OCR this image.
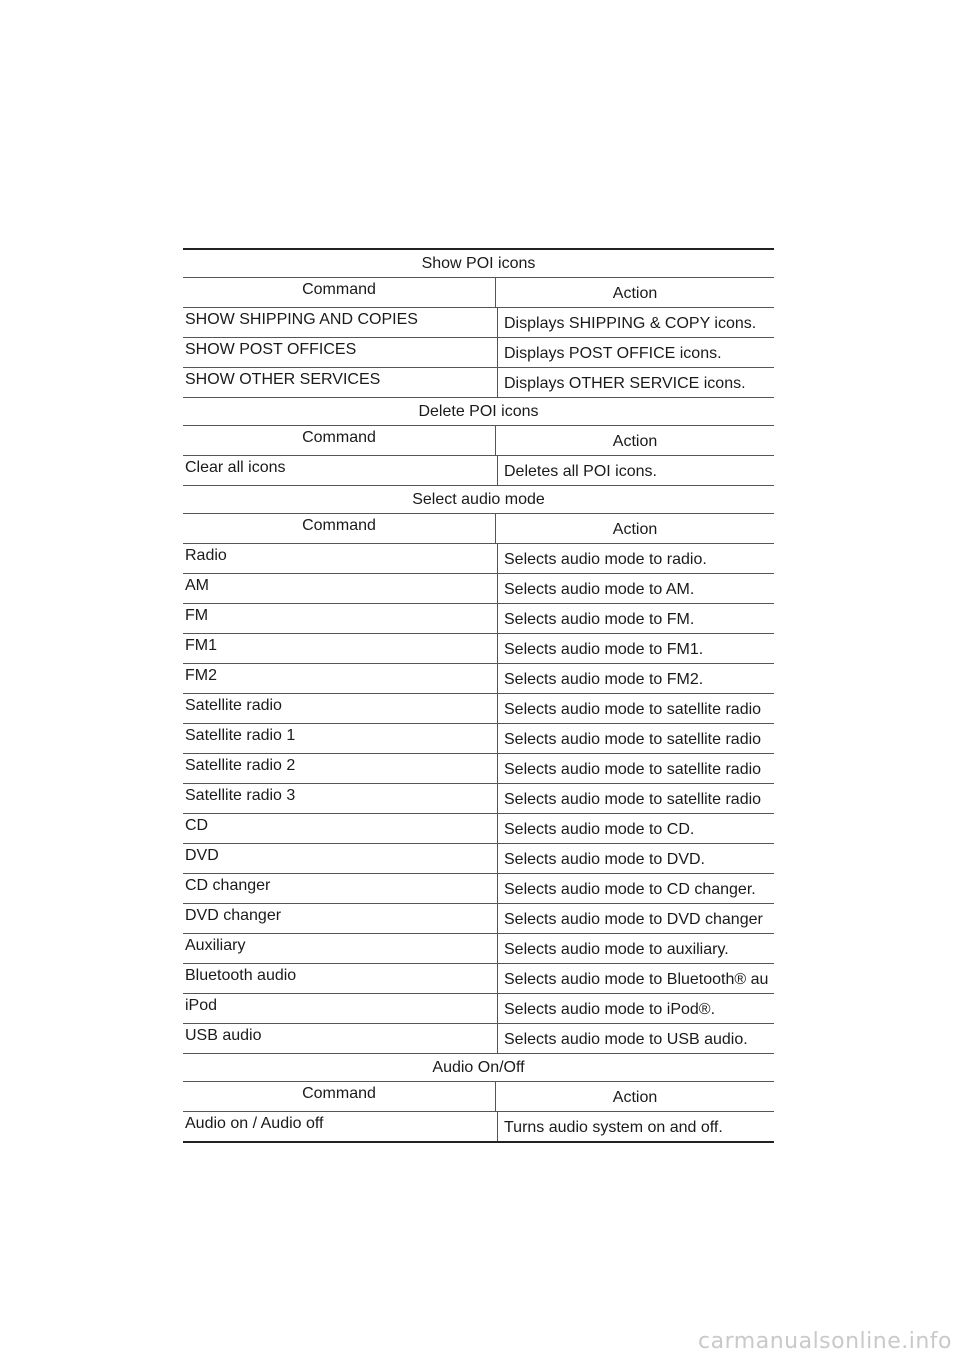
Show POI icons
Command	Action
SHOW SHIPPING AND COPIES	Displays SHIPPING & COPY icons.
SHOW POST OFFICES	Displays POST OFFICE icons.
SHOW OTHER SERVICES	Displays OTHER SERVICE icons.
Delete POI icons
Command	Action
Clear all icons	Deletes all POI icons.
Select audio mode
Command	Action
Radio	Selects audio mode to radio.
AM	Selects audio mode to AM.
FM	Selects audio mode to FM.
FM1	Selects audio mode to FM1.
FM2	Selects audio mode to FM2.
Satellite radio	Selects audio mode to satellite radio
Satellite radio 1	Selects audio mode to satellite radio
Satellite radio 2	Selects audio mode to satellite radio
Satellite radio 3	Selects audio mode to satellite radio
CD	Selects audio mode to CD.
DVD	Selects audio mode to DVD.
CD changer	Selects audio mode to CD changer.
DVD changer	Selects audio mode to DVD changer
Auxiliary	Selects audio mode to auxiliary.
Bluetooth audio	Selects audio mode to Bluetooth® au
iPod	Selects audio mode to iPod®.
USB audio	Selects audio mode to USB audio.
Audio On/Off
Command	Action
Audio on / Audio off	Turns audio system on and off.
carmanualsonline.info
